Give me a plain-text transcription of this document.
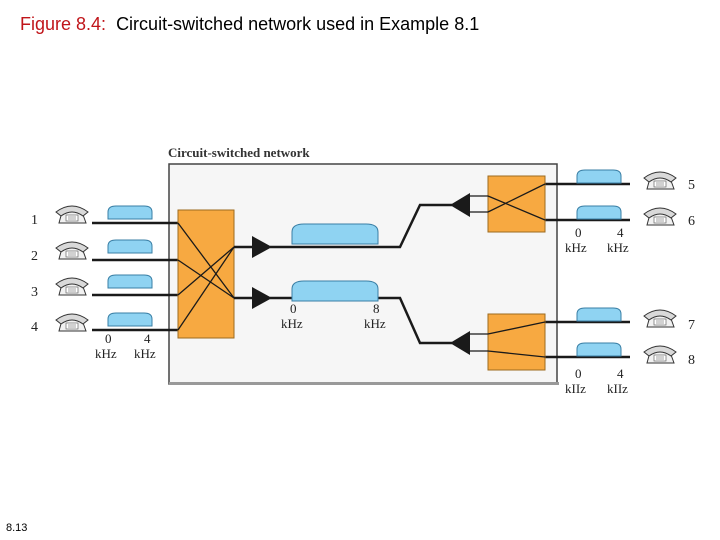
Figure 8.4: Circuit-switched network used in Example 8.1
Circuit-switched network
1
2
3
4
5
6
7
8
0	4
kHz kHz
0	8
kHz	kHz
0	4
kHz kHz
0	4
kIIz kIIz
8.13
